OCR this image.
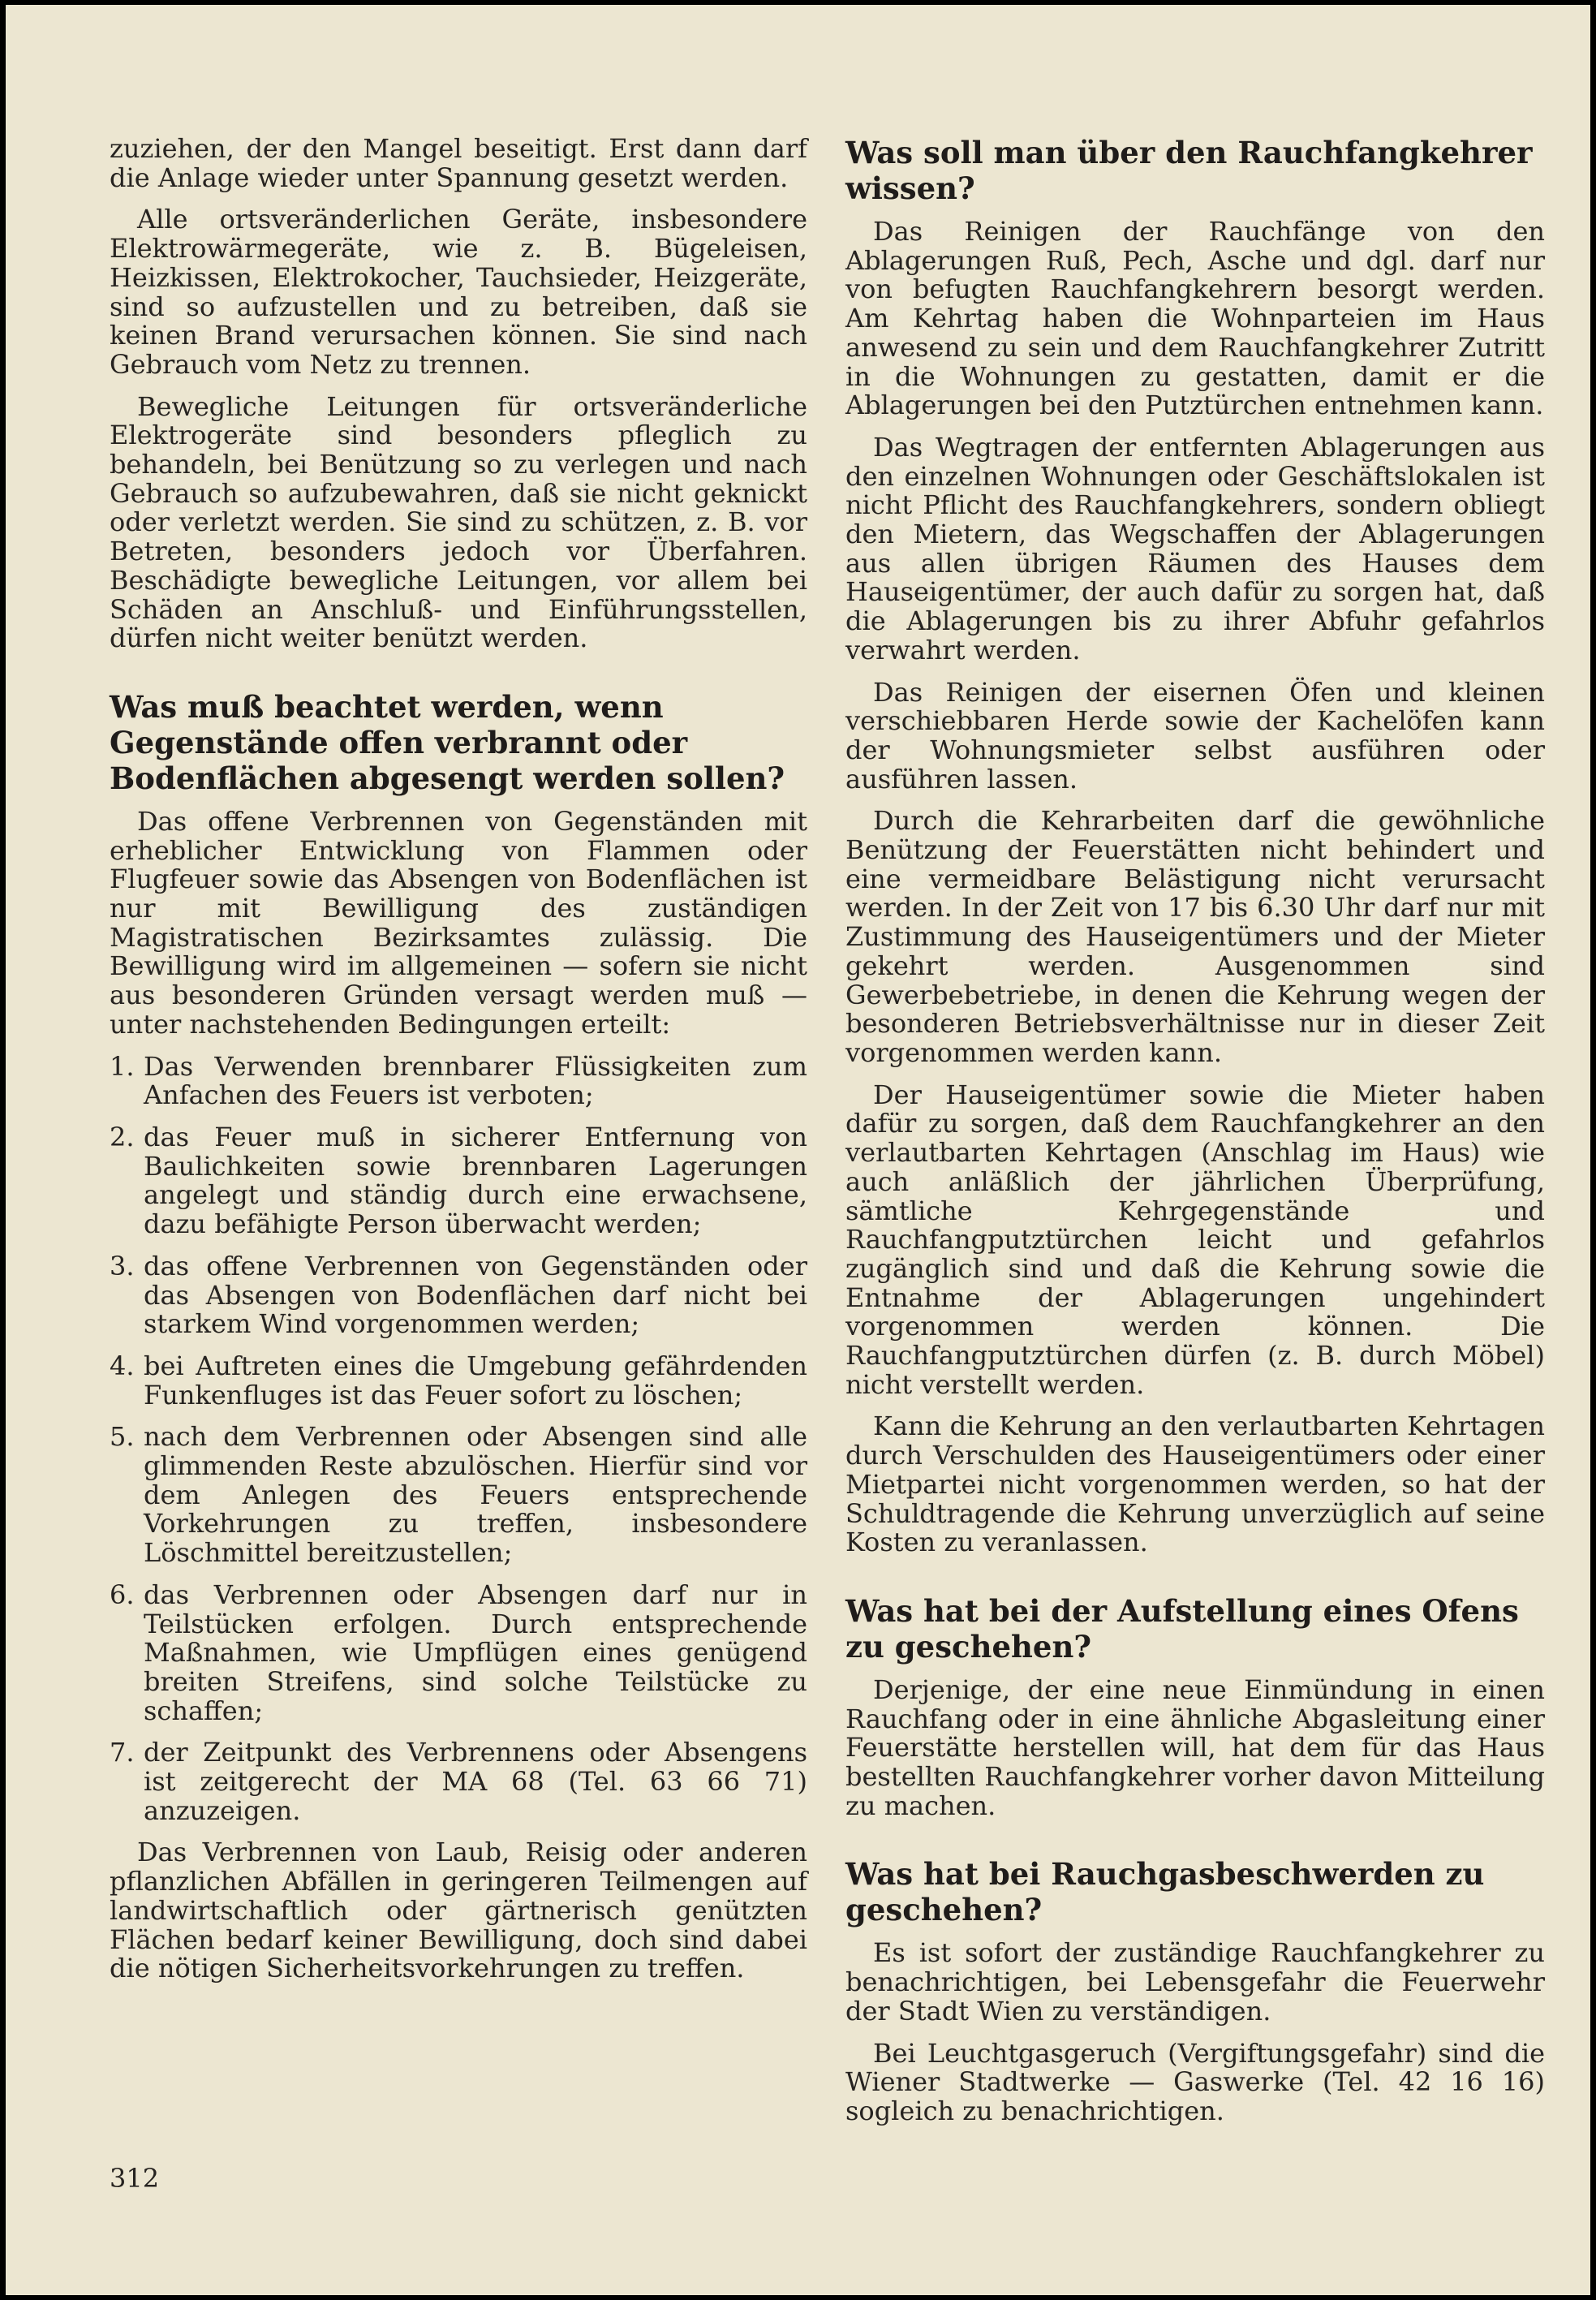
zuziehen, der den Mangel beseitigt. Erst dann darf die Anlage wieder unter Spannung gesetzt werden.

Alle ortsveränderlichen Geräte, insbesondere Elektrowärmegeräte, wie z. B. Bügeleisen, Heizkissen, Elektrokocher, Tauchsieder, Heizgeräte, sind so aufzustellen und zu betreiben, daß sie keinen Brand verursachen können. Sie sind nach Gebrauch vom Netz zu trennen.

Bewegliche Leitungen für ortsveränderliche Elektrogeräte sind besonders pfleglich zu behandeln, bei Benützung so zu verlegen und nach Gebrauch so aufzubewahren, daß sie nicht geknickt oder verletzt werden. Sie sind zu schützen, z. B. vor Betreten, besonders jedoch vor Überfahren. Beschädigte bewegliche Leitungen, vor allem bei Schäden an Anschluß- und Einführungsstellen, dürfen nicht weiter benützt werden.

Was muß beachtet werden, wenn Gegenstände offen verbrannt oder Bodenflächen abgesengt werden sollen?

Das offene Verbrennen von Gegenständen mit erheblicher Entwicklung von Flammen oder Flugfeuer sowie das Absengen von Bodenflächen ist nur mit Bewilligung des zuständigen Magistratischen Bezirksamtes zulässig. Die Bewilligung wird im allgemeinen — sofern sie nicht aus besonderen Gründen versagt werden muß — unter nachstehenden Bedingungen erteilt:

1. Das Verwenden brennbarer Flüssigkeiten zum Anfachen des Feuers ist verboten;
2. das Feuer muß in sicherer Entfernung von Baulichkeiten sowie brennbaren Lagerungen angelegt und ständig durch eine erwachsene, dazu befähigte Person überwacht werden;
3. das offene Verbrennen von Gegenständen oder das Absengen von Bodenflächen darf nicht bei starkem Wind vorgenommen werden;
4. bei Auftreten eines die Umgebung gefährdenden Funkenfluges ist das Feuer sofort zu löschen;
5. nach dem Verbrennen oder Absengen sind alle glimmenden Reste abzulöschen. Hierfür sind vor dem Anlegen des Feuers entsprechende Vorkehrungen zu treffen, insbesondere Löschmittel bereitzustellen;
6. das Verbrennen oder Absengen darf nur in Teilstücken erfolgen. Durch entsprechende Maßnahmen, wie Umpflügen eines genügend breiten Streifens, sind solche Teilstücke zu schaffen;
7. der Zeitpunkt des Verbrennens oder Absengens ist zeitgerecht der MA 68 (Tel. 63 66 71) anzuzeigen.

Das Verbrennen von Laub, Reisig oder anderen pflanzlichen Abfällen in geringeren Teilmengen auf landwirtschaftlich oder gärtnerisch genützten Flächen bedarf keiner Bewilligung, doch sind dabei die nötigen Sicherheitsvorkehrungen zu treffen.

Was soll man über den Rauchfangkehrer wissen?

Das Reinigen der Rauchfänge von den Ablagerungen Ruß, Pech, Asche und dgl. darf nur von befugten Rauchfangkehrern besorgt werden. Am Kehrtag haben die Wohnparteien im Haus anwesend zu sein und dem Rauchfangkehrer Zutritt in die Wohnungen zu gestatten, damit er die Ablagerungen bei den Putztürchen entnehmen kann.

Das Wegtragen der entfernten Ablagerungen aus den einzelnen Wohnungen oder Geschäftslokalen ist nicht Pflicht des Rauchfangkehrers, sondern obliegt den Mietern, das Wegschaffen der Ablagerungen aus allen übrigen Räumen des Hauses dem Hauseigentümer, der auch dafür zu sorgen hat, daß die Ablagerungen bis zu ihrer Abfuhr gefahrlos verwahrt werden.

Das Reinigen der eisernen Öfen und kleinen verschiebbaren Herde sowie der Kachelöfen kann der Wohnungsmieter selbst ausführen oder ausführen lassen.

Durch die Kehrarbeiten darf die gewöhnliche Benützung der Feuerstätten nicht behindert und eine vermeidbare Belästigung nicht verursacht werden. In der Zeit von 17 bis 6.30 Uhr darf nur mit Zustimmung des Hauseigentümers und der Mieter gekehrt werden. Ausgenommen sind Gewerbebetriebe, in denen die Kehrung wegen der besonderen Betriebsverhältnisse nur in dieser Zeit vorgenommen werden kann.

Der Hauseigentümer sowie die Mieter haben dafür zu sorgen, daß dem Rauchfangkehrer an den verlautbarten Kehrtagen (Anschlag im Haus) wie auch anläßlich der jährlichen Überprüfung, sämtliche Kehrgegenstände und Rauchfangputztürchen leicht und gefahrlos zugänglich sind und daß die Kehrung sowie die Entnahme der Ablagerungen ungehindert vorgenommen werden können. Die Rauchfangputztürchen dürfen (z. B. durch Möbel) nicht verstellt werden.

Kann die Kehrung an den verlautbarten Kehrtagen durch Verschulden des Hauseigentümers oder einer Mietpartei nicht vorgenommen werden, so hat der Schuldtragende die Kehrung unverzüglich auf seine Kosten zu veranlassen.

Was hat bei der Aufstellung eines Ofens zu geschehen?

Derjenige, der eine neue Einmündung in einen Rauchfang oder in eine ähnliche Abgasleitung einer Feuerstätte herstellen will, hat dem für das Haus bestellten Rauchfangkehrer vorher davon Mitteilung zu machen.

Was hat bei Rauchgasbeschwerden zu geschehen?

Es ist sofort der zuständige Rauchfangkehrer zu benachrichtigen, bei Lebensgefahr die Feuerwehr der Stadt Wien zu verständigen.

Bei Leuchtgasgeruch (Vergiftungsgefahr) sind die Wiener Stadtwerke — Gaswerke (Tel. 42 16 16) sogleich zu benachrichtigen.

312
